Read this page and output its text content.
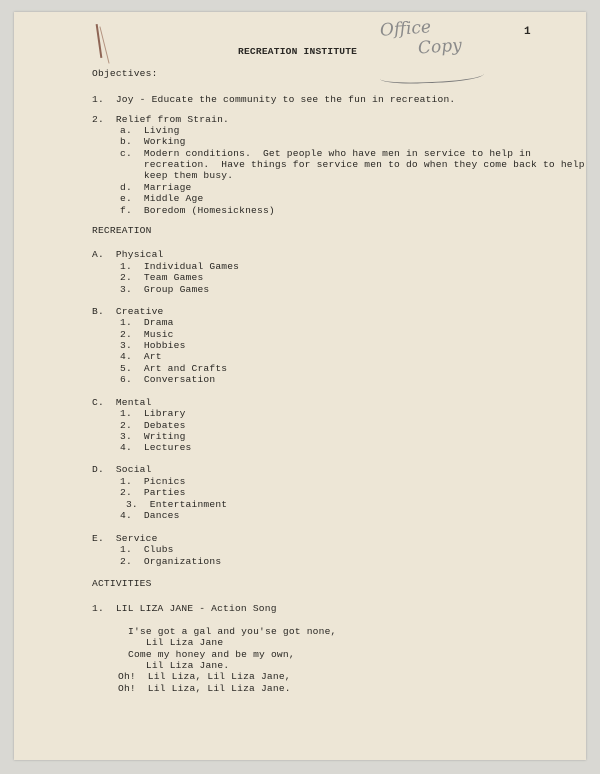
Office
Copy
1
RECREATION INSTITUTE
Objectives:
1.  Joy - Educate the community to see the fun in recreation.
2.  Relief from Strain.
a.  Living
b.  Working
c.  Modern conditions.  Get people who have men in service to help in
recreation.  Have things for service men to do when they come back to help
keep them busy.
d.  Marriage
e.  Middle Age
f.  Boredom (Homesickness)
RECREATION
A.  Physical
1.  Individual Games
2.  Team Games
3.  Group Games
B.  Creative
1.  Drama
2.  Music
3.  Hobbies
4.  Art
5.  Art and Crafts
6.  Conversation
C.  Mental
1.  Library
2.  Debates
3.  Writing
4.  Lectures
D.  Social
1.  Picnics
2.  Parties
3.  Entertainment
4.  Dances
E.  Service
1.  Clubs
2.  Organizations
ACTIVITIES
1.  LIL LIZA JANE - Action Song
I'se got a gal and you'se got none,
Lil Liza Jane
Come my honey and be my own,
Lil Liza Jane.
Oh!  Lil Liza, Lil Liza Jane,
Oh!  Lil Liza, Lil Liza Jane.
